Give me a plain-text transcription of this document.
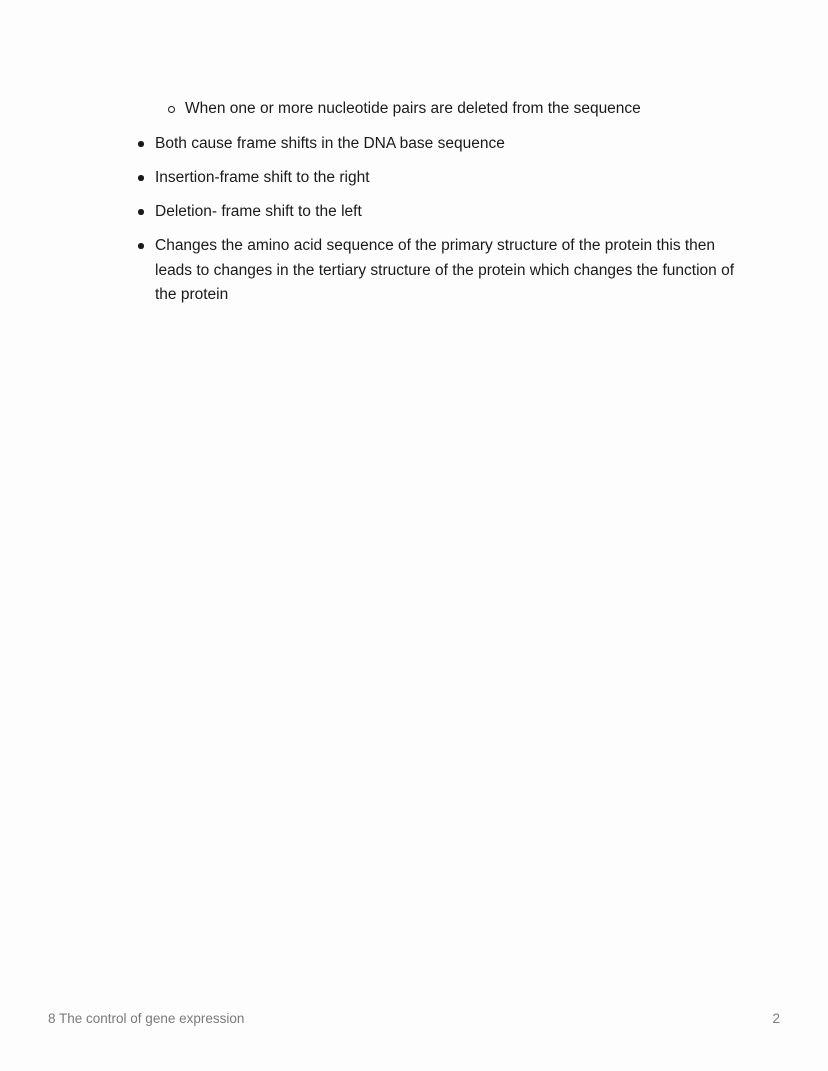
When one or more nucleotide pairs are deleted from the sequence
Both cause frame shifts in the DNA base sequence
Insertion-frame shift to the right
Deletion- frame shift to the left
Changes the amino acid sequence of the primary structure of the protein this then leads to changes in the tertiary structure of the protein which changes the function of the protein
8 The control of gene expression	2
